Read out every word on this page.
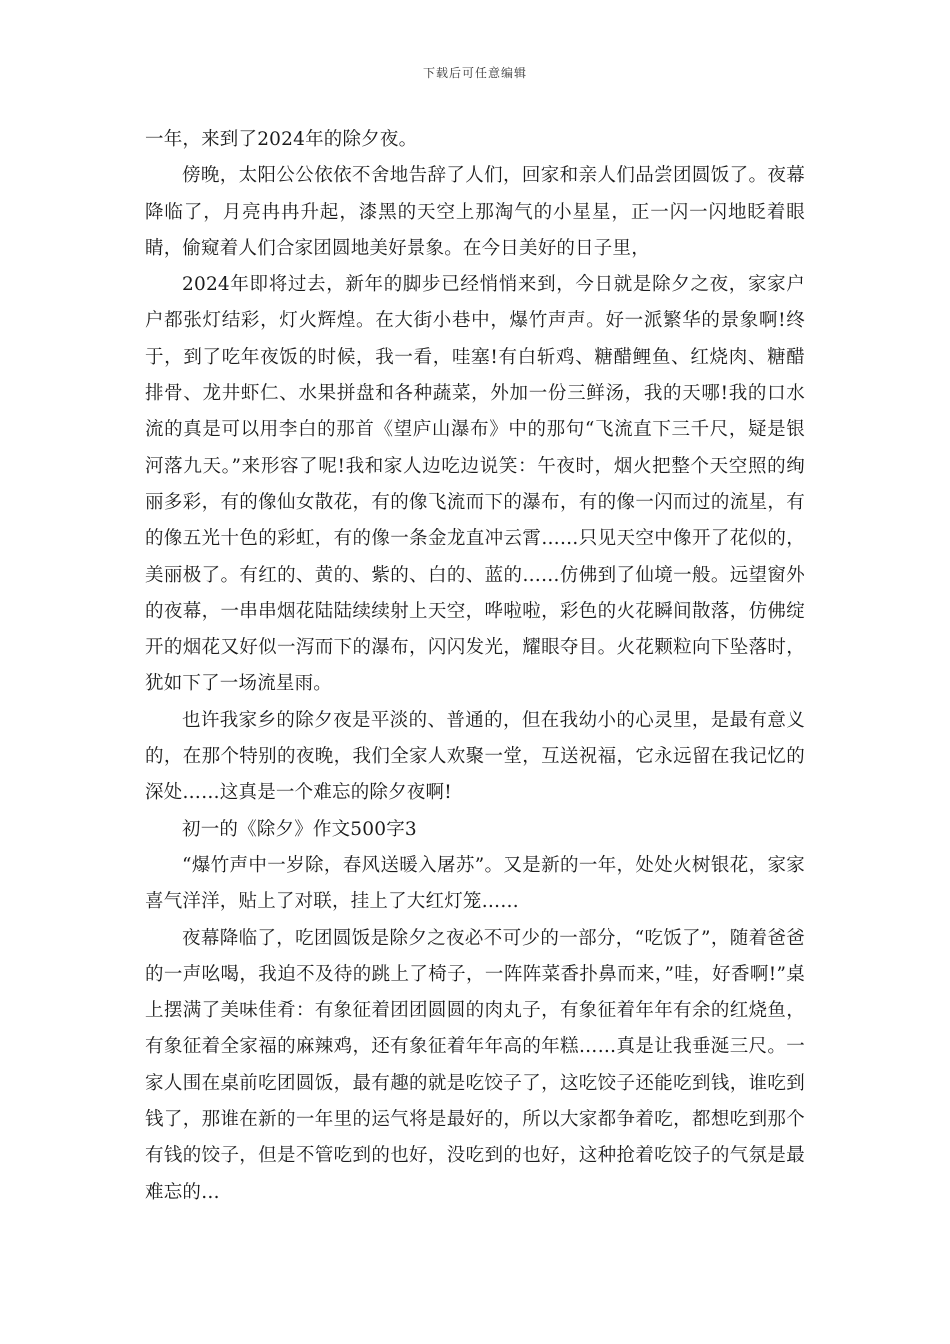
下载后可任意编辑

一年，来到了2024年的除夕夜。

傍晚，太阳公公依依不舍地告辞了人们，回家和亲人们品尝团圆饭了。夜幕降临了，月亮冉冉升起，漆黑的天空上那淘气的小星星，正一闪一闪地眨着眼睛，偷窥着人们合家团圆地美好景象。在今日美好的日子里，

2024年即将过去，新年的脚步已经悄悄来到，今日就是除夕之夜，家家户户都张灯结彩，灯火辉煌。在大街小巷中，爆竹声声。好一派繁华的景象啊!终于，到了吃年夜饭的时候，我一看，哇塞!有白斩鸡、糖醋鲤鱼、红烧肉、糖醋排骨、龙井虾仁、水果拼盘和各种蔬菜，外加一份三鲜汤，我的天哪!我的口水流的真是可以用李白的那首《望庐山瀑布》中的那句“飞流直下三千尺，疑是银河落九天。”来形容了呢!我和家人边吃边说笑：午夜时，烟火把整个天空照的绚丽多彩，有的像仙女散花，有的像飞流而下的瀑布，有的像一闪而过的流星，有的像五光十色的彩虹，有的像一条金龙直冲云霄……只见天空中像开了花似的，美丽极了。有红的、黄的、紫的、白的、蓝的……仿佛到了仙境一般。远望窗外的夜幕，一串串烟花陆陆续续射上天空，哗啦啦，彩色的火花瞬间散落，仿佛绽开的烟花又好似一泻而下的瀑布，闪闪发光，耀眼夺目。火花颗粒向下坠落时，犹如下了一场流星雨。

也许我家乡的除夕夜是平淡的、普通的，但在我幼小的心灵里，是最有意义的，在那个特别的夜晚，我们全家人欢聚一堂，互送祝福，它永远留在我记忆的深处……这真是一个难忘的除夕夜啊!

初一的《除夕》作文500字3

“爆竹声中一岁除，春风送暖入屠苏”。又是新的一年，处处火树银花，家家喜气洋洋，贴上了对联，挂上了大红灯笼……

夜幕降临了，吃团圆饭是除夕之夜必不可少的一部分，“吃饭了”，随着爸爸的一声吆喝，我迫不及待的跳上了椅子，一阵阵菜香扑鼻而来，”哇，好香啊!”桌上摆满了美味佳肴：有象征着团团圆圆的肉丸子，有象征着年年有余的红烧鱼，有象征着全家福的麻辣鸡，还有象征着年年高的年糕……真是让我垂涎三尺。一家人围在桌前吃团圆饭，最有趣的就是吃饺子了，这吃饺子还能吃到钱，谁吃到钱了，那谁在新的一年里的运气将是最好的，所以大家都争着吃，都想吃到那个有钱的饺子，但是不管吃到的也好，没吃到的也好，这种抢着吃饺子的气氛是最难忘的…
